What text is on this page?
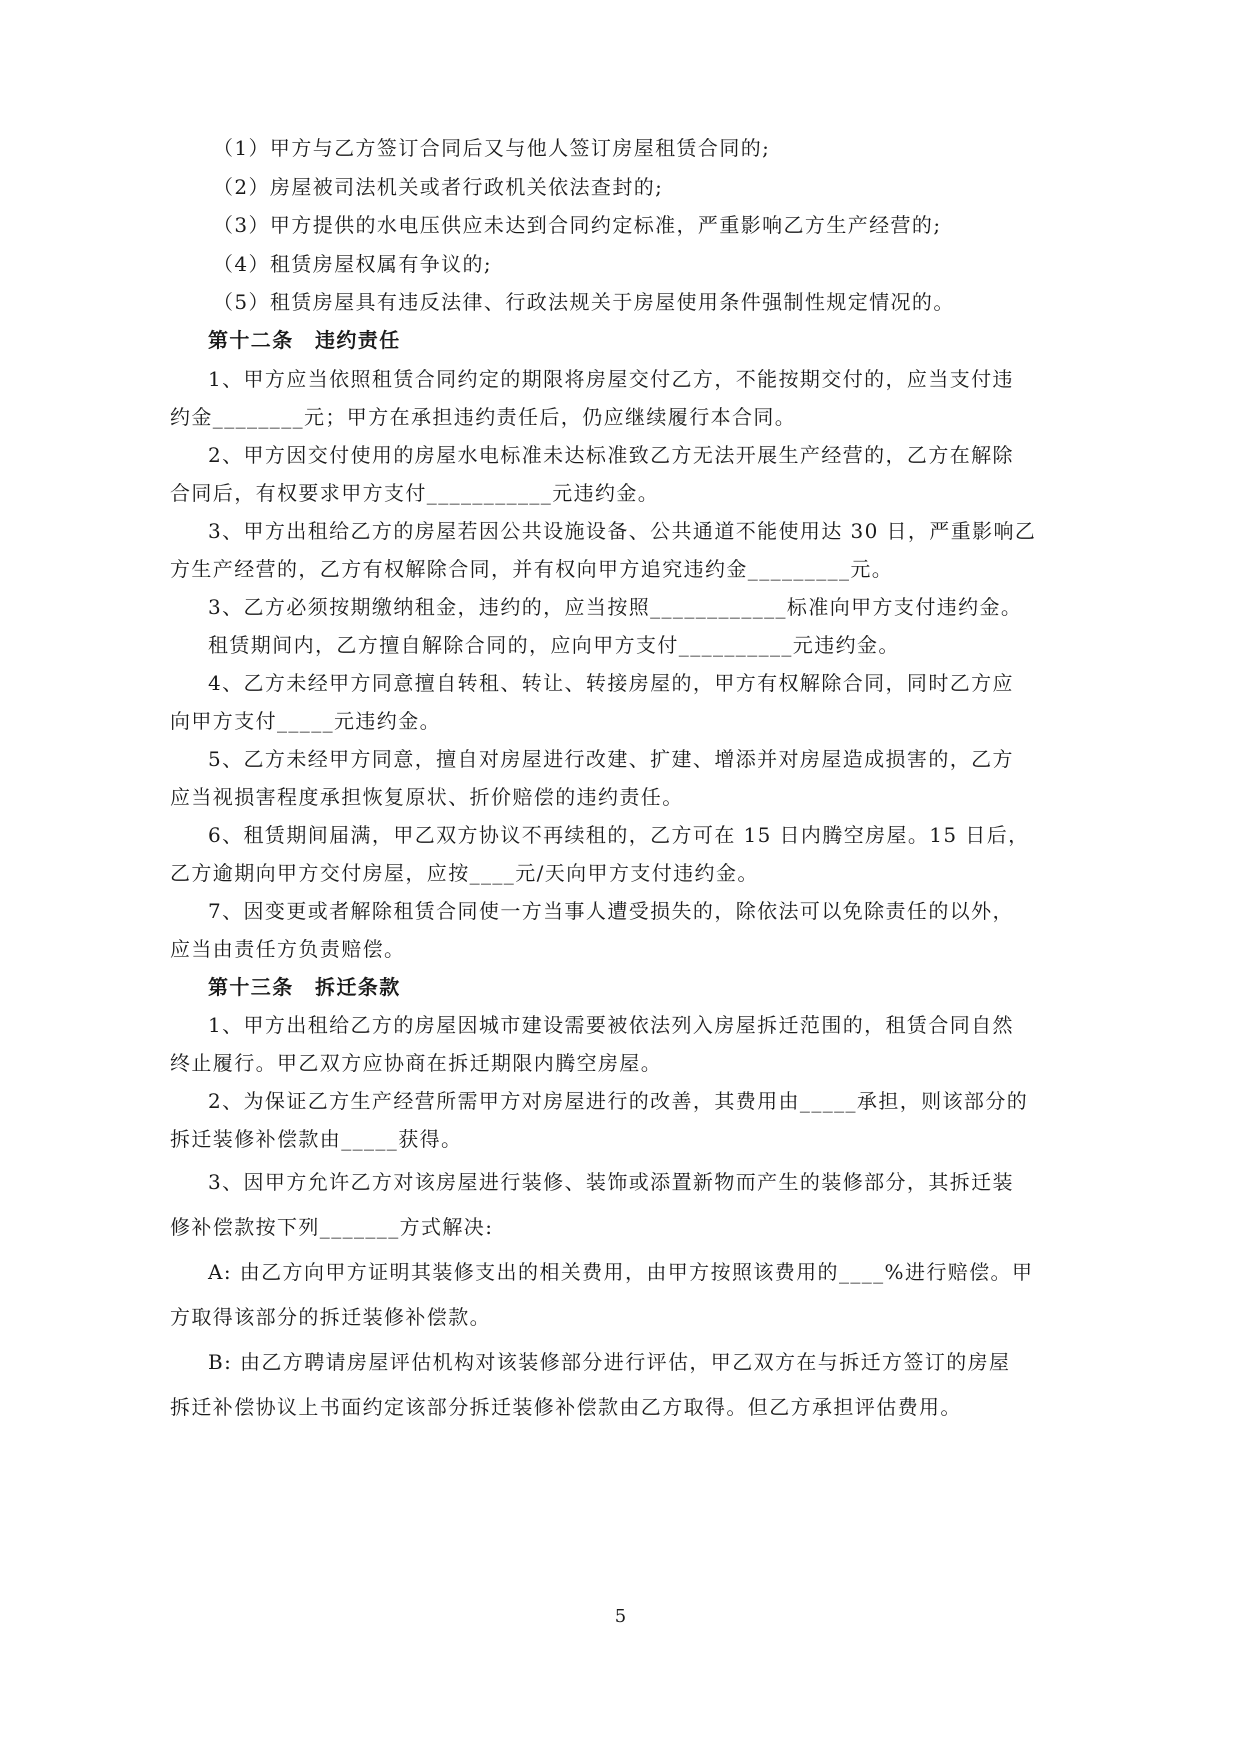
（1）甲方与乙方签订合同后又与他人签订房屋租赁合同的;
（2）房屋被司法机关或者行政机关依法查封的;
（3）甲方提供的水电压供应未达到合同约定标准，严重影响乙方生产经营的;
（4）租赁房屋权属有争议的;
（5）租赁房屋具有违反法律、行政法规关于房屋使用条件强制性规定情况的。
第十二条　违约责任
1、甲方应当依照租赁合同约定的期限将房屋交付乙方，不能按期交付的，应当支付违
约金________元；甲方在承担违约责任后，仍应继续履行本合同。
2、甲方因交付使用的房屋水电标准未达标准致乙方无法开展生产经营的，乙方在解除
合同后，有权要求甲方支付___________元违约金。
3、甲方出租给乙方的房屋若因公共设施设备、公共通道不能使用达 30 日，严重影响乙
方生产经营的，乙方有权解除合同，并有权向甲方追究违约金_________元。
3、乙方必须按期缴纳租金，违约的，应当按照____________标准向甲方支付违约金。
租赁期间内，乙方擅自解除合同的，应向甲方支付__________元违约金。
4、乙方未经甲方同意擅自转租、转让、转接房屋的，甲方有权解除合同，同时乙方应
向甲方支付_____元违约金。
5、乙方未经甲方同意，擅自对房屋进行改建、扩建、增添并对房屋造成损害的，乙方
应当视损害程度承担恢复原状、折价赔偿的违约责任。
6、租赁期间届满，甲乙双方协议不再续租的，乙方可在 15 日内腾空房屋。15 日后，
乙方逾期向甲方交付房屋，应按____元/天向甲方支付违约金。
7、因变更或者解除租赁合同使一方当事人遭受损失的，除依法可以免除责任的以外，
应当由责任方负责赔偿。
第十三条　拆迁条款
1、甲方出租给乙方的房屋因城市建设需要被依法列入房屋拆迁范围的，租赁合同自然
终止履行。甲乙双方应协商在拆迁期限内腾空房屋。
2、为保证乙方生产经营所需甲方对房屋进行的改善，其费用由_____承担，则该部分的
拆迁装修补偿款由_____获得。
3、因甲方允许乙方对该房屋进行装修、装饰或添置新物而产生的装修部分，其拆迁装
修补偿款按下列_______方式解决:
A: 由乙方向甲方证明其装修支出的相关费用，由甲方按照该费用的____%进行赔偿。甲
方取得该部分的拆迁装修补偿款。
B: 由乙方聘请房屋评估机构对该装修部分进行评估，甲乙双方在与拆迁方签订的房屋
拆迁补偿协议上书面约定该部分拆迁装修补偿款由乙方取得。但乙方承担评估费用。
5
